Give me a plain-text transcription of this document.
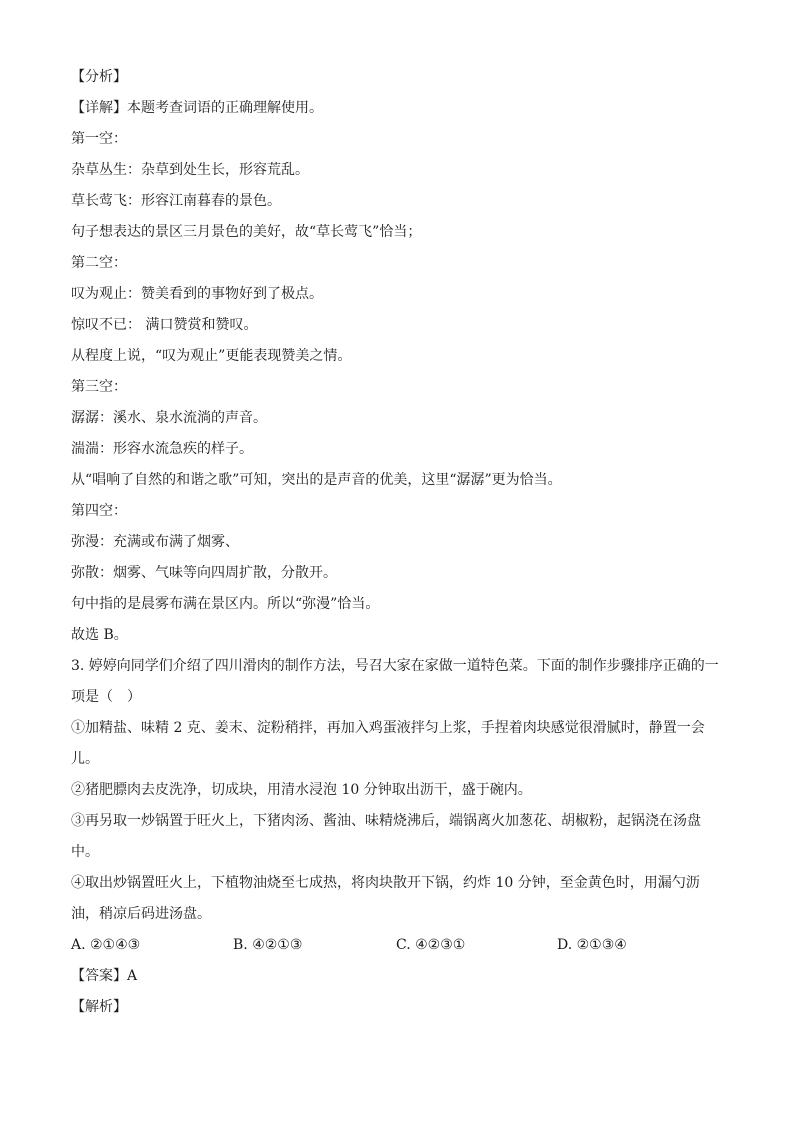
【分析】
【详解】本题考查词语的正确理解使用。
第一空：
杂草丛生：杂草到处生长，形容荒乱。
草长莺飞：形容江南暮春的景色。
句子想表达的景区三月景色的美好，故“草长莺飞”恰当；
第二空：
叹为观止：赞美看到的事物好到了极点。
惊叹不已： 满口赞赏和赞叹。
从程度上说，“叹为观止”更能表现赞美之情。
第三空：
潺潺：溪水、泉水流淌的声音。
湍湍：形容水流急疾的样子。
从“唱响了自然的和谐之歌”可知，突出的是声音的优美，这里“潺潺”更为恰当。
第四空：
弥漫：充满或布满了烟雾、
弥散：烟雾、气味等向四周扩散，分散开。
句中指的是晨雾布满在景区内。所以“弥漫”恰当。
故选 B。
3. 婷婷向同学们介绍了四川滑肉的制作方法，号召大家在家做一道特色菜。下面的制作步骤排序正确的一
项是（　）
①加精盐、味精 2 克、姜末、淀粉稍拌，再加入鸡蛋液拌匀上浆，手捏着肉块感觉很滑腻时，静置一会
儿。
②猪肥膘肉去皮洗净，切成块，用清水浸泡 10 分钟取出沥干，盛于碗内。
③再另取一炒锅置于旺火上，下猪肉汤、酱油、味精烧沸后，端锅离火加葱花、胡椒粉，起锅浇在汤盘
中。
④取出炒锅置旺火上，下植物油烧至七成热，将肉块散开下锅，约炸 10 分钟，至金黄色时，用漏勺沥
油，稍凉后码进汤盘。
A. ②①④③	B. ④②①③	C. ④②③①	D. ②①③④
【答案】A
【解析】
